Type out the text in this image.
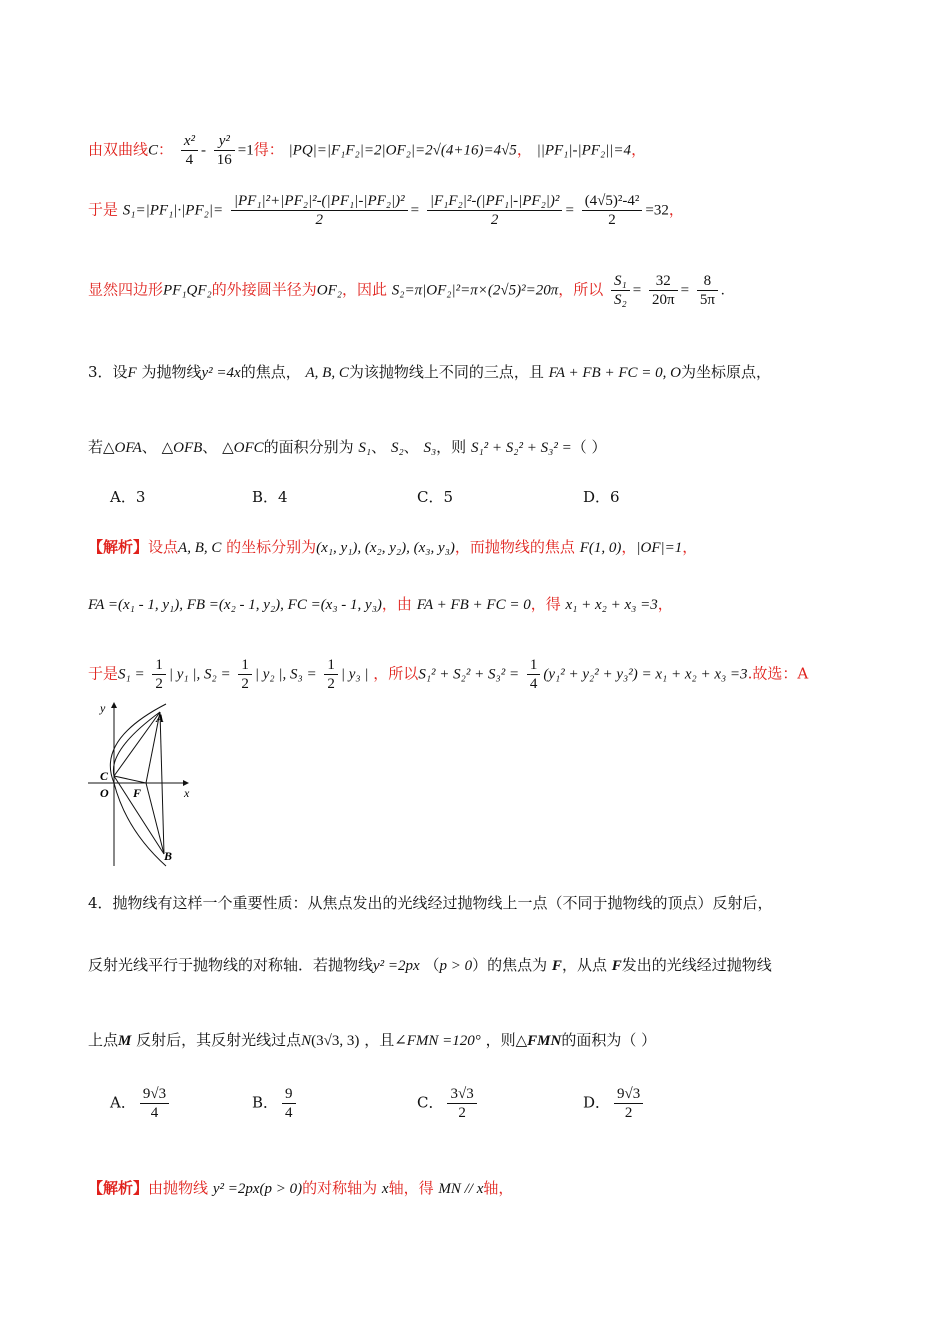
由双曲线C： $\frac{\text{x²}}{4} - \frac{\text{y²}}{16} =1$得： |PQ|=|F₁F₂|=2|OF₂|=2√(4+16)=4√5， ||PF₁|-|PF₂||=4，
于是 $S_1=|PF_1|\cdot|PF_2|= \frac{\text{|PF₁|²+|PF₂|²-(|PF₁|-|PF₂|)²}}{2} = \frac{\text{|F₁F₂|²-(|PF₁|-|PF₂|)²}}{2} = \frac{\text{(4√5)²-4²}}{2} =32$，
显然四边形PF₁QF₂的外接圆半径为OF₂，因此 S₂=π|OF₂|²=π×(2√5)²=20π，所以 $\frac{\text{S₁}}{\text{S₂}} = \frac{32}{20\pi} = \frac{8}{5\pi}$ .
3．设F 为抛物线y² =4x的焦点， A, B, C为该抛物线上不同的三点，且 FA + FB + FC = 0, O为坐标原点，
若△OFA、 △OFB、 △OFC的面积分别为 S₁、 S₂、 S₃，则 S₁² + S₂² + S₃² =（ ）
A．3	B．4	C．5	D．6
【解析】设点A, B, C 的坐标分别为(x₁, y₁), (x₂, y₂), (x₃, y₃)，而抛物线的焦点 F(1, 0)，|OF|=1，
FA =(x₁ - 1, y₁), FB =(x₂ - 1, y₂), FC =(x₃ - 1, y₃)，由 FA + FB + FC = 0，得 x₁ + x₂ + x₃ =3，
于是$S_1 = \frac{1}{2}$ | y₁ |, $S_2 = \frac{1}{2}$ | y₂ |, $S_3 = \frac{1}{2}$ | y₃ | ，所以$S_1^2 + S_2^2 + S_3^2 = \frac{1}{4} (y_1^2 + y_2^2 + y_3^2) = x_1 + x_2 + x_3 =3$.故选：A
y
x
A
B
C
O F
4．抛物线有这样一个重要性质：从焦点发出的光线经过抛物线上一点（不同于抛物线的顶点）反射后，
反射光线平行于抛物线的对称轴．若抛物线y² =2px （p > 0）的焦点为 F，从点 F发出的光线经过抛物线
上点M 反射后，其反射光线过点N(3√3, 3) ，且∠FMN =120° ，则△FMN的面积为（ ）
A． $\frac{9√3}{4}$	B． $\frac{9}{4}$	C． $\frac{3√3}{2}$	D． $\frac{9√3}{2}$
【解析】由抛物线 y² =2px(p > 0)的对称轴为 x轴，得 MN // x轴，
